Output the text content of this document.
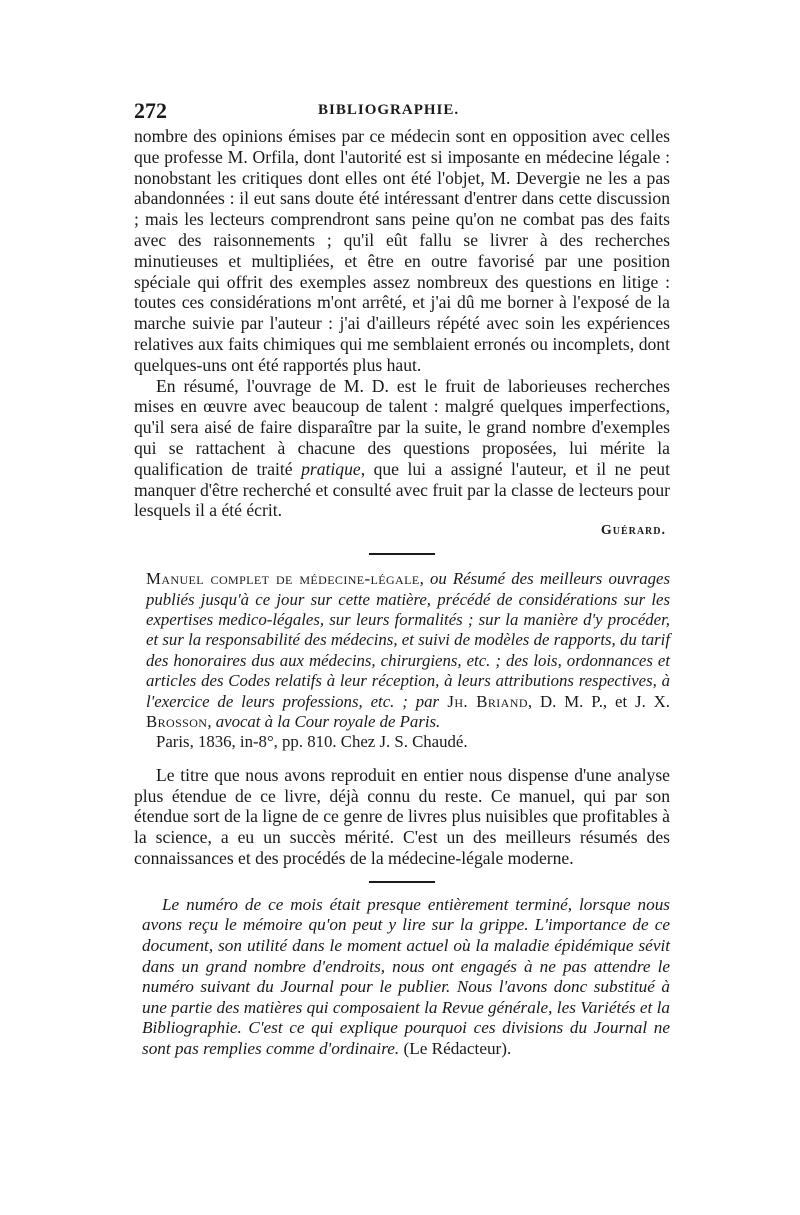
272	BIBLIOGRAPHIE.

nombre des opinions émises par ce médecin sont en opposition avec celles que professe M. Orfila, dont l'autorité est si imposante en médecine légale : nonobstant les critiques dont elles ont été l'objet, M. Devergie ne les a pas abandonnées : il eut sans doute été intéressant d'entrer dans cette discussion ; mais les lecteurs comprendront sans peine qu'on ne combat pas des faits avec des raisonnements ; qu'il eût fallu se livrer à des recherches minutieuses et multipliées, et être en outre favorisé par une position spéciale qui offrit des exemples assez nombreux des questions en litige : toutes ces considérations m'ont arrêté, et j'ai dû me borner à l'exposé de la marche suivie par l'auteur : j'ai d'ailleurs répété avec soin les expériences relatives aux faits chimiques qui me semblaient erronés ou incomplets, dont quelques-uns ont été rapportés plus haut.

En résumé, l'ouvrage de M. D. est le fruit de laborieuses recherches mises en œuvre avec beaucoup de talent : malgré quelques imperfections, qu'il sera aisé de faire disparaître par la suite, le grand nombre d'exemples qui se rattachent à chacune des questions proposées, lui mérite la qualification de traité pratique, que lui a assigné l'auteur, et il ne peut manquer d'être recherché et consulté avec fruit par la classe de lecteurs pour lesquels il a été écrit.

Guérard.

Manuel complet de médecine-légale, ou Résumé des meilleurs ouvrages publiés jusqu'à ce jour sur cette matière, précédé de considérations sur les expertises medico-légales, sur leurs formalités ; sur la manière d'y procéder, et sur la responsabilité des médecins, et suivi de modèles de rapports, du tarif des honoraires dus aux médecins, chirurgiens, etc. ; des lois, ordonnances et articles des Codes relatifs à leur réception, à leurs attributions respectives, à l'exercice de leurs professions, etc. ; par Jh. Briand, D. M. P., et J. X. Brosson, avocat à la Cour royale de Paris.
Paris, 1836, in-8°, pp. 810. Chez J. S. Chaudé.

Le titre que nous avons reproduit en entier nous dispense d'une analyse plus étendue de ce livre, déjà connu du reste. Ce manuel, qui par son étendue sort de la ligne de ce genre de livres plus nuisibles que profitables à la science, a eu un succès mérité. C'est un des meilleurs résumés des connaissances et des procédés de la médecine-légale moderne.

Le numéro de ce mois était presque entièrement terminé, lorsque nous avons reçu le mémoire qu'on peut y lire sur la grippe. L'importance de ce document, son utilité dans le moment actuel où la maladie épidémique sévit dans un grand nombre d'endroits, nous ont engagés à ne pas attendre le numéro suivant du Journal pour le publier. Nous l'avons donc substitué à une partie des matières qui composaient la Revue générale, les Variétés et la Bibliographie. C'est ce qui explique pourquoi ces divisions du Journal ne sont pas remplies comme d'ordinaire. (Le Rédacteur).
